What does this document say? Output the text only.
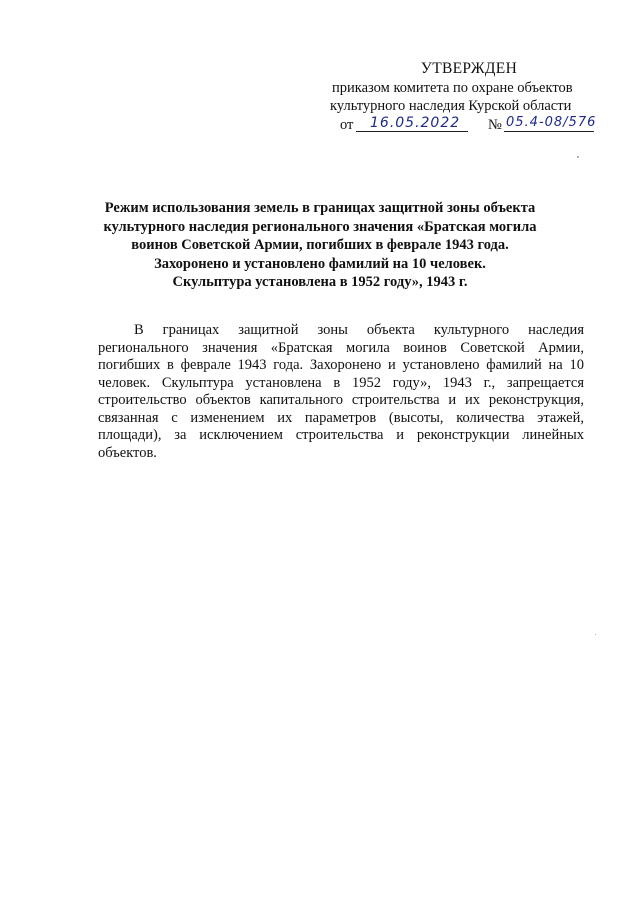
УТВЕРЖДЕН
приказом комитета по охране объектов
культурного наследия Курской области
от 16.05.2022 № 05.4-08/576
Режим использования земель в границах защитной зоны объекта
культурного наследия регионального значения «Братская могила
воинов Советской Армии, погибших в феврале 1943 года.
Захоронено и установлено фамилий на 10 человек.
Скульптура установлена в 1952 году», 1943 г.
В границах защитной зоны объекта культурного наследия регионального значения «Братская могила воинов Советской Армии, погибших в феврале 1943 года. Захоронено и установлено фамилий на 10 человек. Скульптура установлена в 1952 году», 1943 г., запрещается строительство объектов капитального строительства и их реконструкция, связанная с изменением их параметров (высоты, количества этажей, площади), за исключением строительства и реконструкции линейных объектов.
